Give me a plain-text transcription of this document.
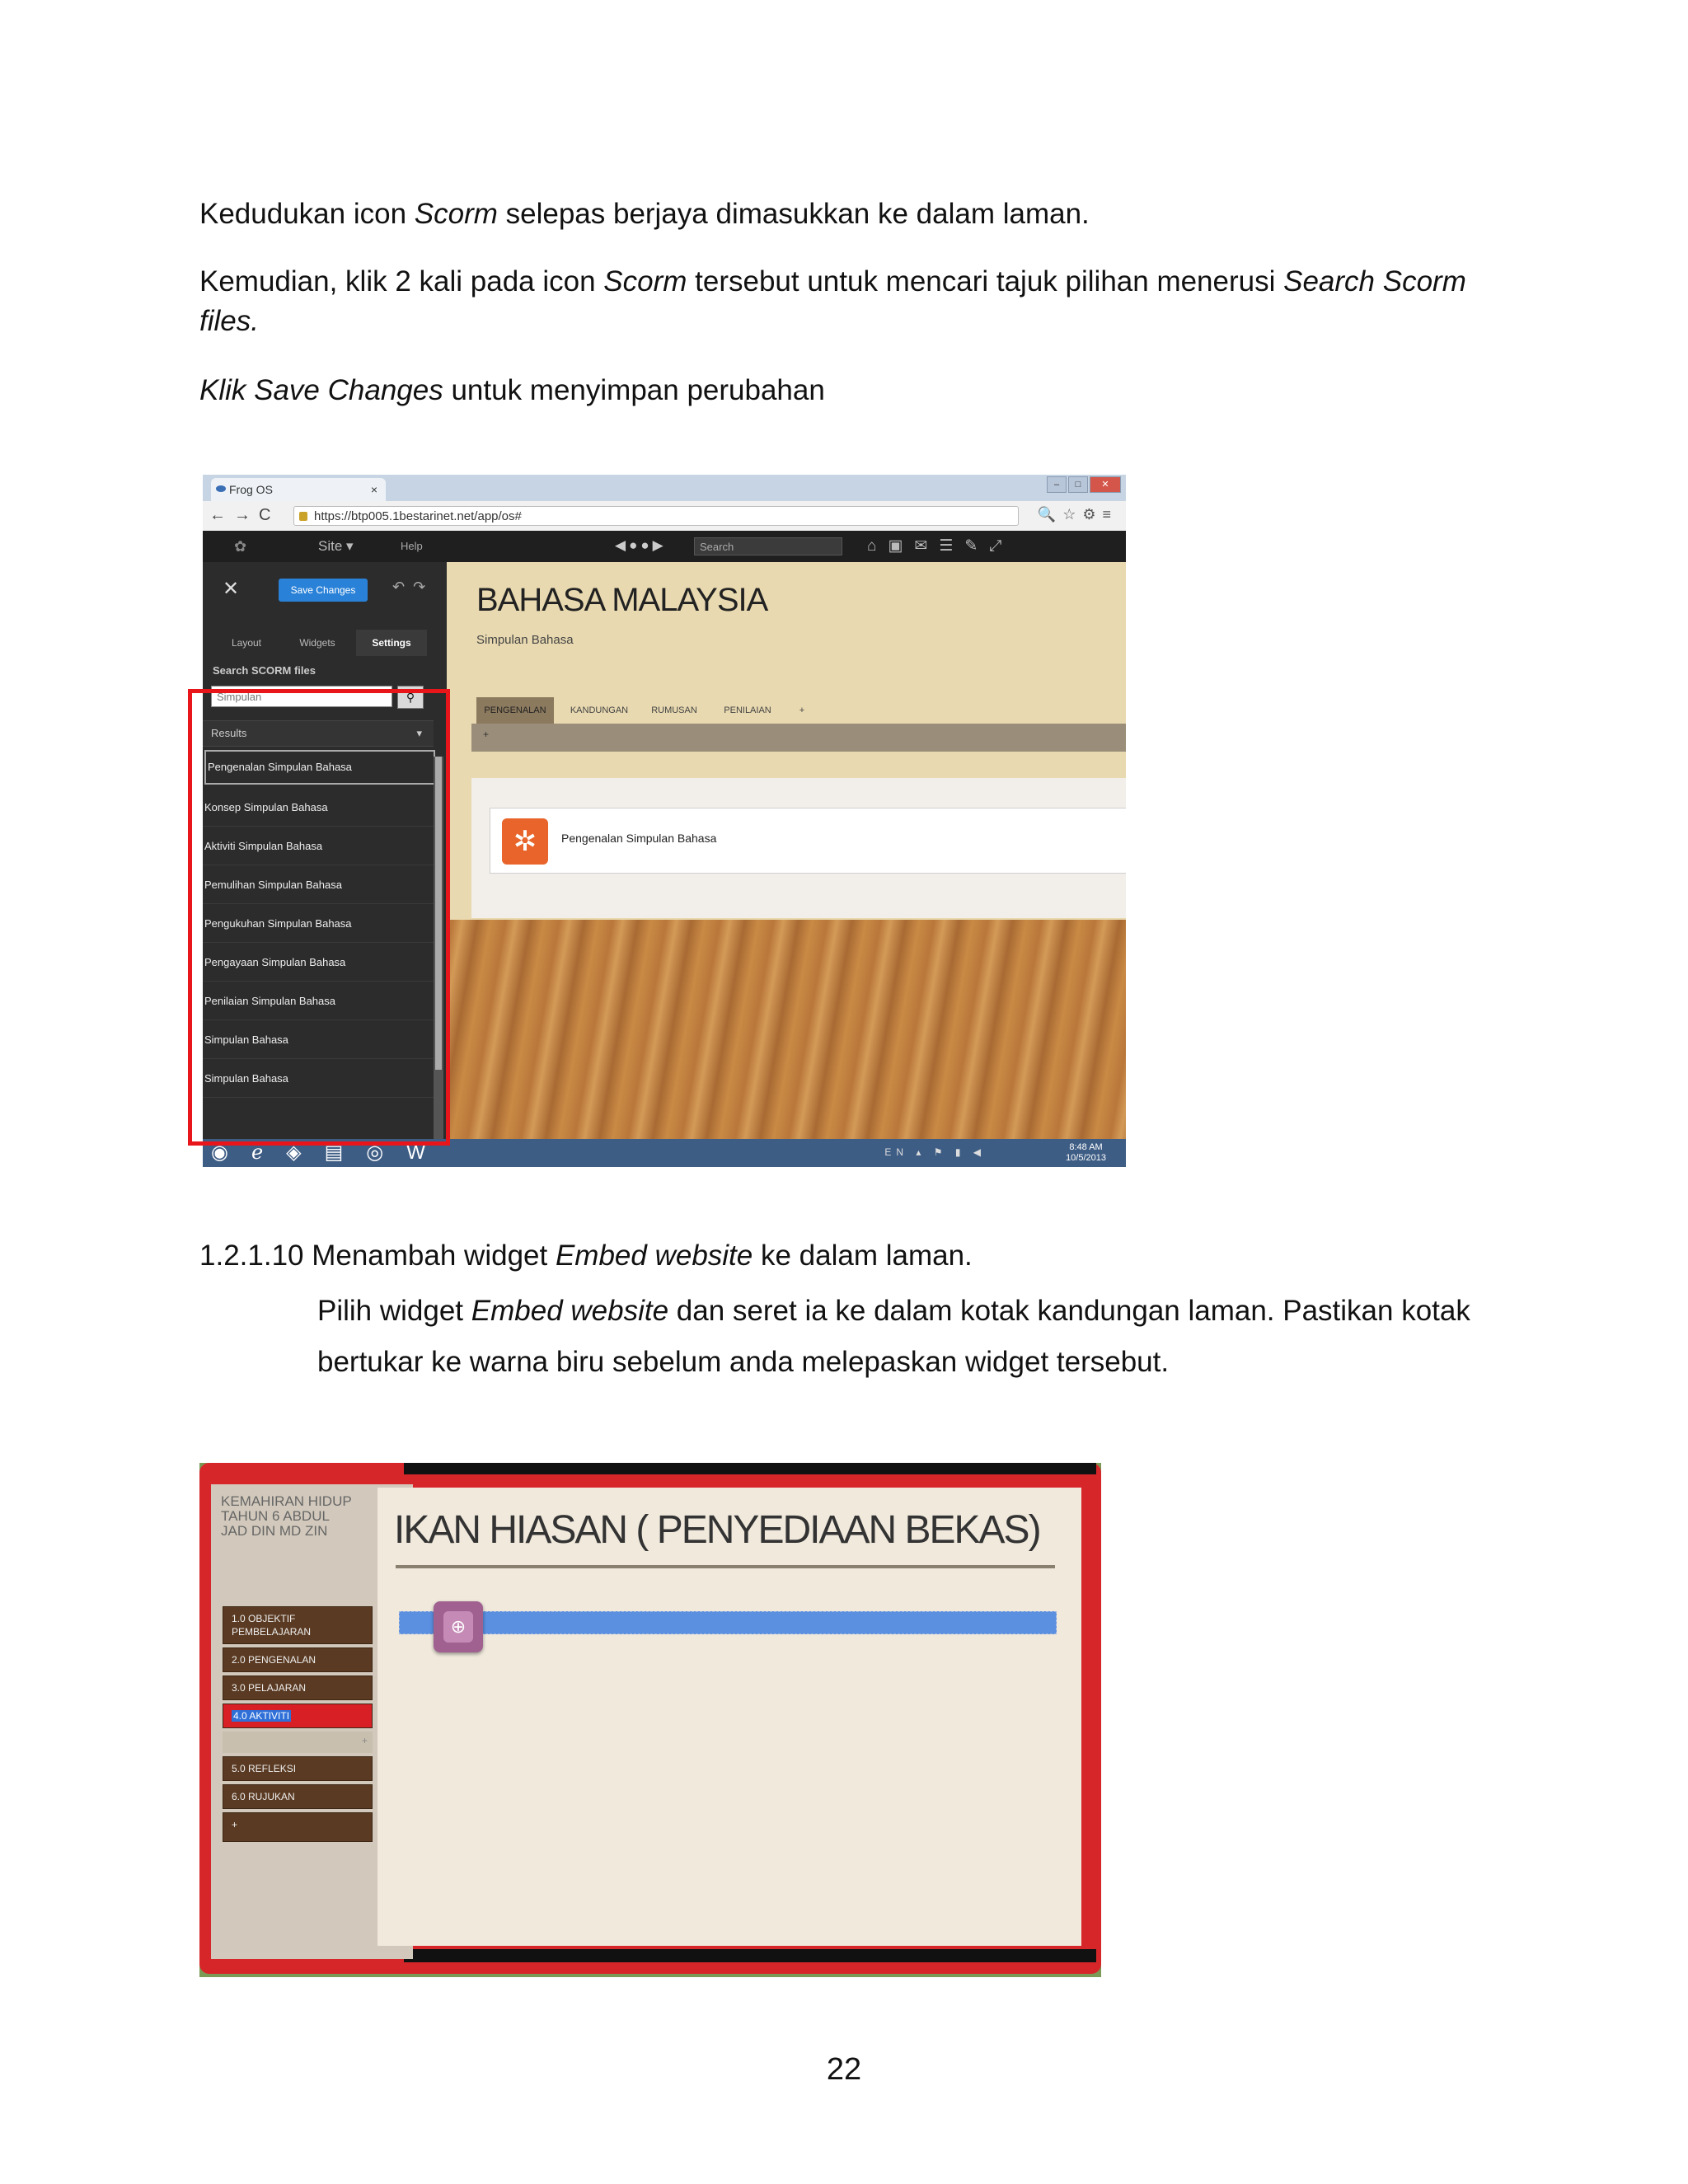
Kedudukan icon Scorm selepas berjaya dimasukkan ke dalam laman.

Kemudian, klik 2 kali pada icon Scorm tersebut untuk mencari tajuk pilihan menerusi Search Scorm files.

Klik Save Changes untuk menyimpan perubahan

Frog OS	×	–	□	✕
←→C	https://btp005.1bestarinet.net/app/os#	🔍☆⚙≡
✿	Site ▾	Help	◀●●▶	Search	⌂▣✉☰✎⤢
✕	Save Changes	↶↷
Layout	Widgets	Settings
Search SCORM files
Simpulan	⚲
Results	▾
Pengenalan Simpulan Bahasa
Konsep Simpulan Bahasa
Aktiviti Simpulan Bahasa
Pemulihan Simpulan Bahasa
Pengukuhan Simpulan Bahasa
Pengayaan Simpulan Bahasa
Penilaian Simpulan Bahasa
Simpulan Bahasa
Simpulan Bahasa
BAHASA MALAYSIA
Simpulan Bahasa
PENGENALAN	KANDUNGAN	RUMUSAN	PENILAIAN	+
+
✲	Pengenalan Simpulan Bahasa
◉ℯ◈▤◎W	EN ▴ ⚑ ▮ ◀	8:48 AM
10/5/2013

1.2.1.10 Menambah widget Embed website ke dalam laman.

Pilih widget Embed website dan seret ia ke dalam kotak kandungan laman. Pastikan kotak bertukar ke warna biru sebelum anda melepaskan widget tersebut.

KEMAHIRAN HIDUP
TAHUN 6 ABDUL
JAD DIN MD ZIN
1.0 OBJEKTIF PEMBELAJARAN
2.0 PENGENALAN
3.0 PELAJARAN
4.0 AKTIVITI
+
5.0 REFLEKSI
6.0 RUJUKAN
+
IKAN HIASAN ( PENYEDIAAN BEKAS)
⊕
22
